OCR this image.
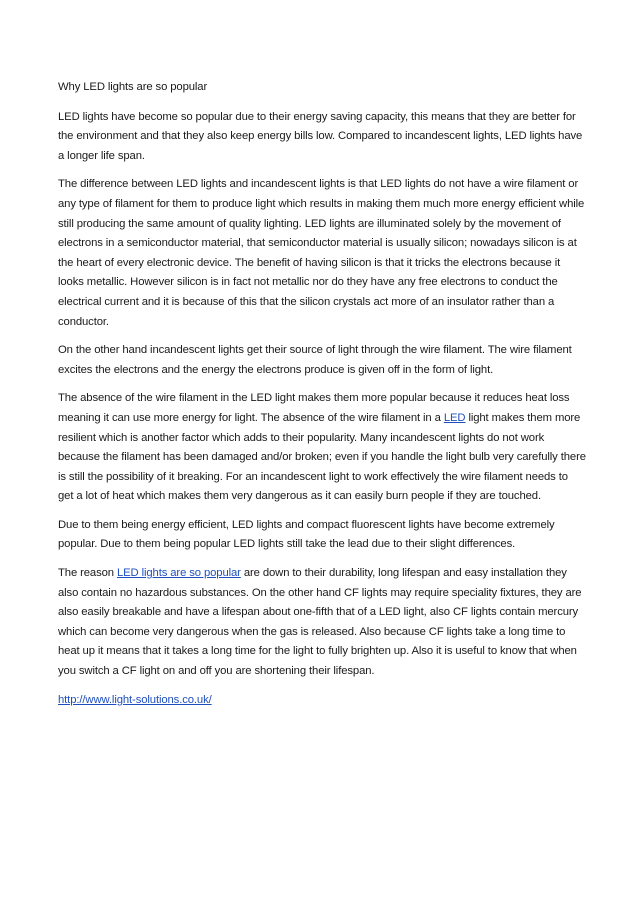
Why LED lights are so popular

LED lights have become so popular due to their energy saving capacity, this means that they are better for the environment and that they also keep energy bills low. Compared to incandescent lights, LED lights have a longer life span.

The difference between LED lights and incandescent lights is that LED lights do not have a wire filament or any type of filament for them to produce light which results in making them much more energy efficient while still producing the same amount of quality lighting. LED lights are illuminated solely by the movement of electrons in a semiconductor material, that semiconductor material is usually silicon; nowadays silicon is at the heart of every electronic device. The benefit of having silicon is that it tricks the electrons because it looks metallic. However silicon is in fact not metallic nor do they have any free electrons to conduct the electrical current and it is because of this that the silicon crystals act more of an insulator rather than a conductor.

On the other hand incandescent lights get their source of light through the wire filament. The wire filament excites the electrons and the energy the electrons produce is given off in the form of light.

The absence of the wire filament in the LED light makes them more popular because it reduces heat loss meaning it can use more energy for light. The absence of the wire filament in a LED light makes them more resilient which is another factor which adds to their popularity. Many incandescent lights do not work because the filament has been damaged and/or broken; even if you handle the light bulb very carefully there is still the possibility of it breaking. For an incandescent light to work effectively the wire filament needs to get a lot of heat which makes them very dangerous as it can easily burn people if they are touched.

Due to them being energy efficient, LED lights and compact fluorescent lights have become extremely popular. Due to them being popular LED lights still take the lead due to their slight differences.

The reason LED lights are so popular are down to their durability, long lifespan and easy installation they also contain no hazardous substances. On the other hand CF lights may require speciality fixtures, they are also easily breakable and have a lifespan about one-fifth that of a LED light, also CF lights contain mercury which can become very dangerous when the gas is released. Also because CF lights take a long time to heat up it means that it takes a long time for the light to fully brighten up. Also it is useful to know that when you switch a CF light on and off you are shortening their lifespan.

http://www.light-solutions.co.uk/
